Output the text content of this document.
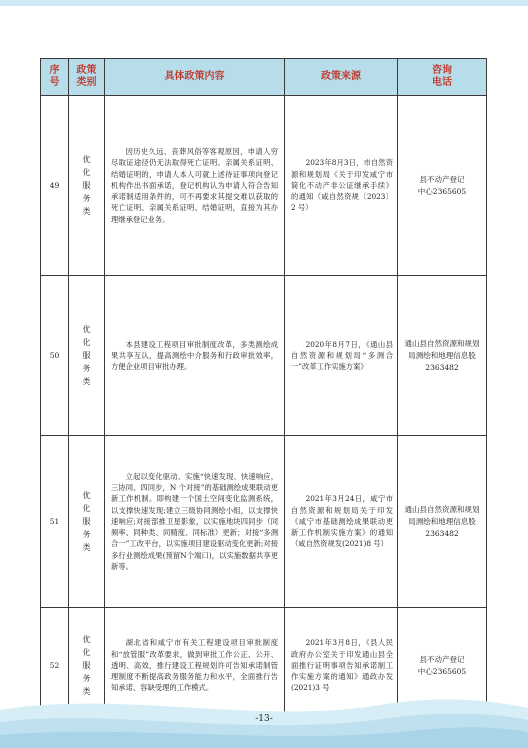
序号	政策类别	具体政策内容	政策来源	咨询电话

49	优化服务类	因历史久远、丧葬风俗等客观原因，申请人穷尽取证途径仍无法取得死亡证明、亲属关系证明、结婚证明的，申请人本人可就上述待证事项向登记机构作出书面承诺，登记机构认为申请人符合告知承诺制适用条件的，可不再要求其提交难以获取的死亡证明、亲属关系证明、结婚证明，直接为其办 理继承登记业务。	2023年8月3日，市自然资源和规划局《关于印发咸宁市简化不动产非公证继承手续》的通知（咸自然资规〔2023〕2 号）	县不动产登记中心2365605

50	优化服务类	本县建设工程项目审批制度改革，多类测绘成果共享互认，提高测绘中介服务和行政审批效率，方便企业项目审批办理。	2020年8月7日，《通山县自然资源和规划局“多测合一”改革工作实施方案》	通山县自然资源和规划局测绘和地理信息股2363482

51	优化服务类	立起以变化驱动、实施“快速发现、快速响应，三协同、四同步，N 个对接”的基础测绘成果联动更新工作机制。即构建一个国土空间变化监测系统，以支撑快速发现;建立三级协同测绘小组，以支撑快速响应;对接部推卫星影象，以实施地块四同步（同频率、同种类、同精度、同标准）更新；对接“多测合一”工改平台，以实施项目建设驱动变化更新;对接多行业测绘成果(预留N个端口)，以实施数据共享更新等。	2021年3月24日，咸宁市自然资源和规划局关于印发《咸宁市基础测绘成果联动更新工作机制实施方案》的通知（咸自然资规发(2021)8 号）	通山县自然资源和规划局测绘和地理信息股2363482

52	优化服务类	湖北省和咸宁市有关工程建设项目审批制度和“放管服”改革要求，做到审批工作公正、公开、透明、高效，推行建设工程规划许可告知承诺制管理制度不断提高政务服务能力和水平，全面推行告知承诺、容缺受理的工作模式。	2021年3月8日，《县人民政府办公室关于印发通山县全面推行证明事项告知承诺制工作实施方案的通知》通政办发(2021)3 号	县不动产登记中心2365605
-13-
